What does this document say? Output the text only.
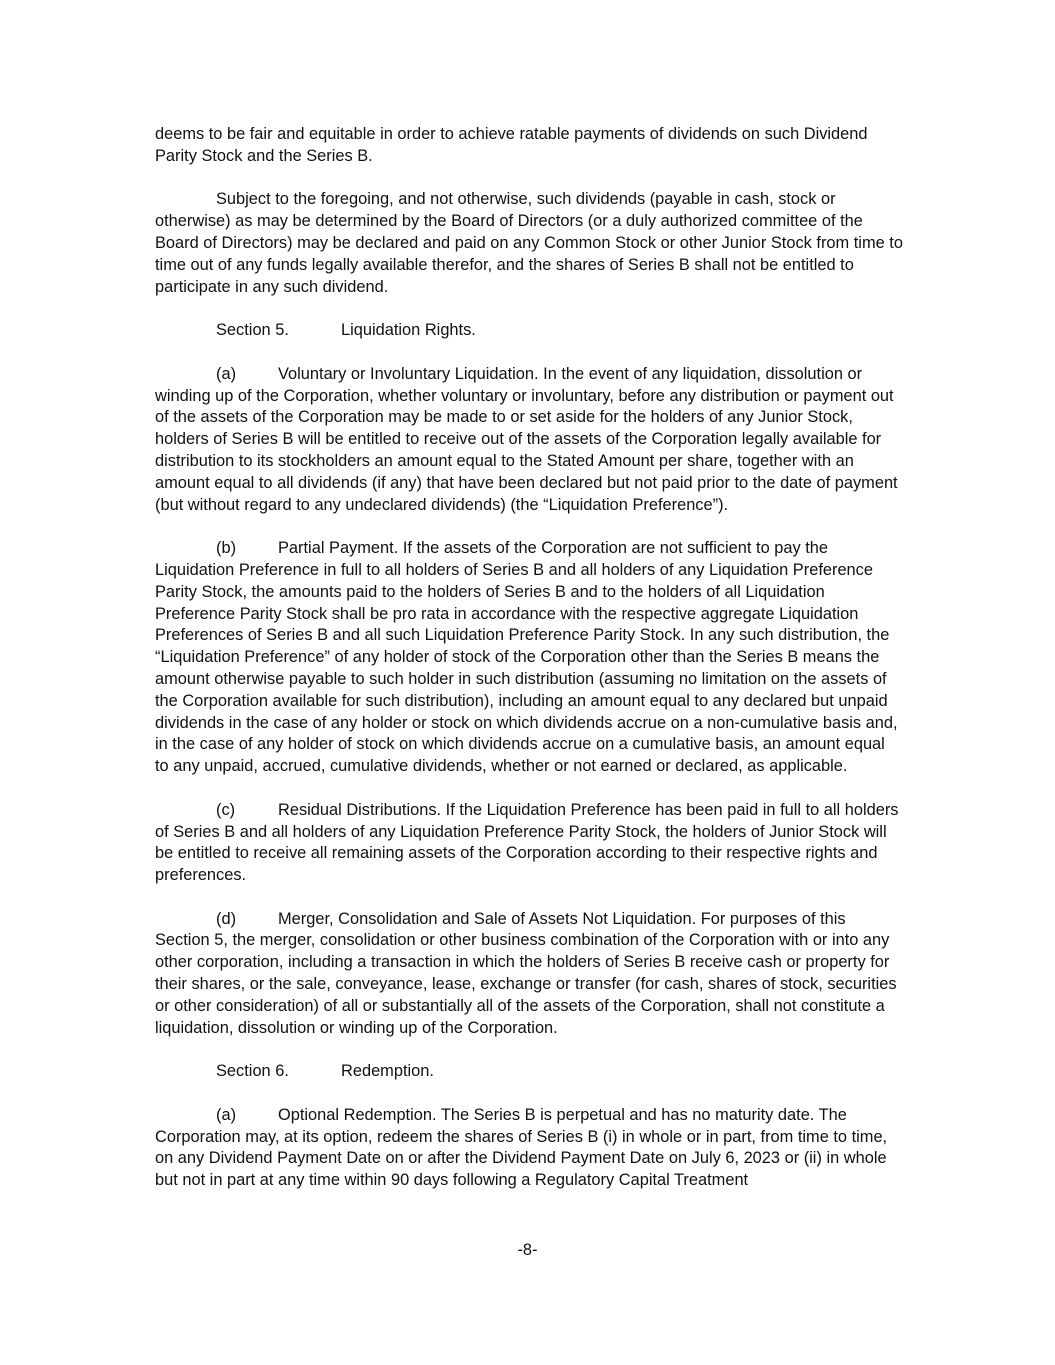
deems to be fair and equitable in order to achieve ratable payments of dividends on such Dividend Parity Stock and the Series B.

Subject to the foregoing, and not otherwise, such dividends (payable in cash, stock or otherwise) as may be determined by the Board of Directors (or a duly authorized committee of the Board of Directors) may be declared and paid on any Common Stock or other Junior Stock from time to time out of any funds legally available therefor, and the shares of Series B shall not be entitled to participate in any such dividend.

Section 5.	Liquidation Rights.

(a)	Voluntary or Involuntary Liquidation. In the event of any liquidation, dissolution or winding up of the Corporation, whether voluntary or involuntary, before any distribution or payment out of the assets of the Corporation may be made to or set aside for the holders of any Junior Stock, holders of Series B will be entitled to receive out of the assets of the Corporation legally available for distribution to its stockholders an amount equal to the Stated Amount per share, together with an amount equal to all dividends (if any) that have been declared but not paid prior to the date of payment (but without regard to any undeclared dividends) (the “Liquidation Preference”).

(b)	Partial Payment. If the assets of the Corporation are not sufficient to pay the Liquidation Preference in full to all holders of Series B and all holders of any Liquidation Preference Parity Stock, the amounts paid to the holders of Series B and to the holders of all Liquidation Preference Parity Stock shall be pro rata in accordance with the respective aggregate Liquidation Preferences of Series B and all such Liquidation Preference Parity Stock. In any such distribution, the “Liquidation Preference” of any holder of stock of the Corporation other than the Series B means the amount otherwise payable to such holder in such distribution (assuming no limitation on the assets of the Corporation available for such distribution), including an amount equal to any declared but unpaid dividends in the case of any holder or stock on which dividends accrue on a non-cumulative basis and, in the case of any holder of stock on which dividends accrue on a cumulative basis, an amount equal to any unpaid, accrued, cumulative dividends, whether or not earned or declared, as applicable.

(c)	Residual Distributions. If the Liquidation Preference has been paid in full to all holders of Series B and all holders of any Liquidation Preference Parity Stock, the holders of Junior Stock will be entitled to receive all remaining assets of the Corporation according to their respective rights and preferences.

(d)	Merger, Consolidation and Sale of Assets Not Liquidation. For purposes of this Section 5, the merger, consolidation or other business combination of the Corporation with or into any other corporation, including a transaction in which the holders of Series B receive cash or property for their shares, or the sale, conveyance, lease, exchange or transfer (for cash, shares of stock, securities or other consideration) of all or substantially all of the assets of the Corporation, shall not constitute a liquidation, dissolution or winding up of the Corporation.

Section 6.	Redemption.

(a)	Optional Redemption. The Series B is perpetual and has no maturity date. The Corporation may, at its option, redeem the shares of Series B (i) in whole or in part, from time to time, on any Dividend Payment Date on or after the Dividend Payment Date on July 6, 2023 or (ii) in whole but not in part at any time within 90 days following a Regulatory Capital Treatment

-8-
